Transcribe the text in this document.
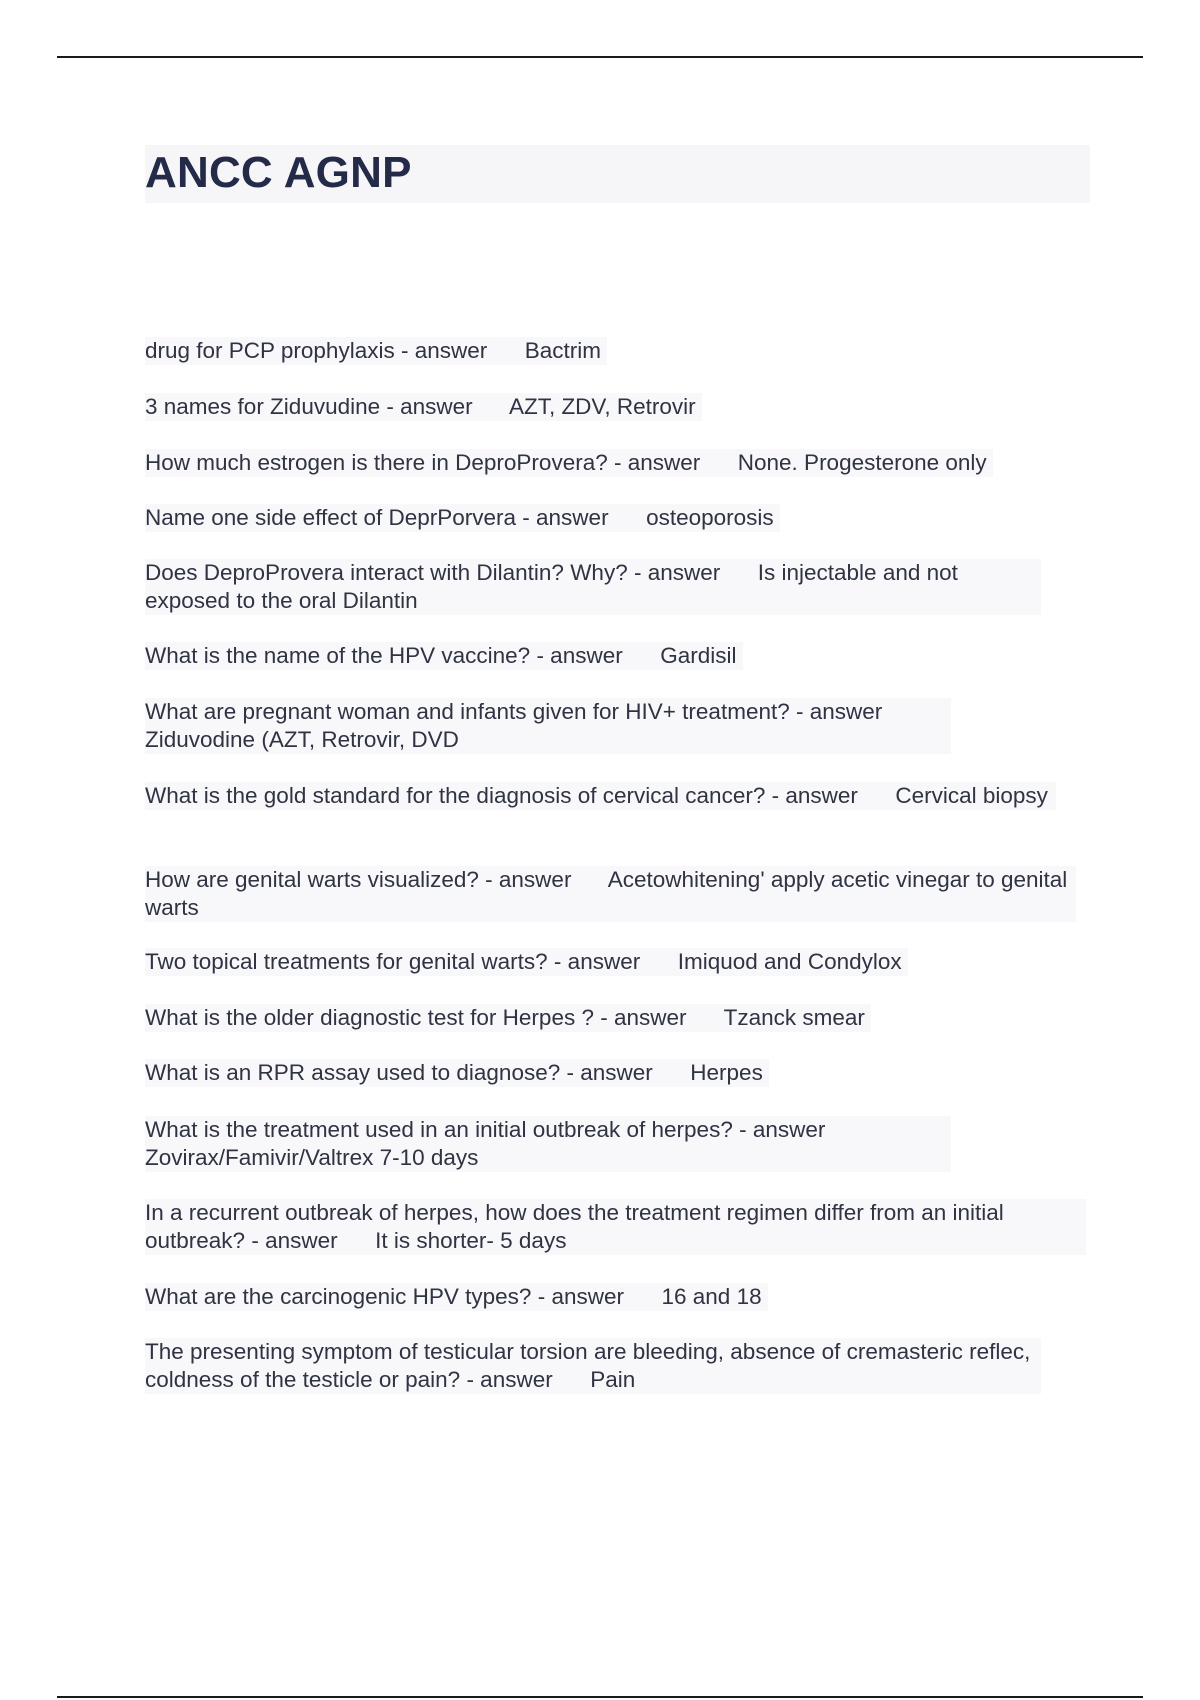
ANCC AGNP
drug for PCP prophylaxis - answer Bactrim
3 names for Ziduvudine - answer AZT, ZDV, Retrovir
How much estrogen is there in DeproProvera? - answer None. Progesterone only
Name one side effect of DeprPorvera - answer osteoporosis
Does DeproProvera interact with Dilantin? Why? - answer Is injectable and not exposed to the oral Dilantin
What is the name of the HPV vaccine? - answer Gardisil
What are pregnant woman and infants given for HIV+ treatment? - answer      Ziduvodine (AZT, Retrovir, DVD
What is the gold standard for the diagnosis of cervical cancer? - answer Cervical biopsy
How are genital warts visualized? - answer Acetowhitening' apply acetic vinegar to genital warts
Two topical treatments for genital warts? - answer Imiquod and Condylox
What is the older diagnostic test for Herpes ? - answer Tzanck smear
What is an RPR assay used to diagnose? - answer Herpes
What is the treatment used in an initial outbreak of herpes? - answer      Zovirax/Famivir/Valtrex 7-10 days
In a recurrent outbreak of herpes, how does the treatment regimen differ from an initial outbreak? - answer It is shorter- 5 days
What are the carcinogenic HPV types? - answer 16 and 18
The presenting symptom of testicular torsion are bleeding, absence of cremasteric reflec, coldness of the testicle or pain? - answer Pain
